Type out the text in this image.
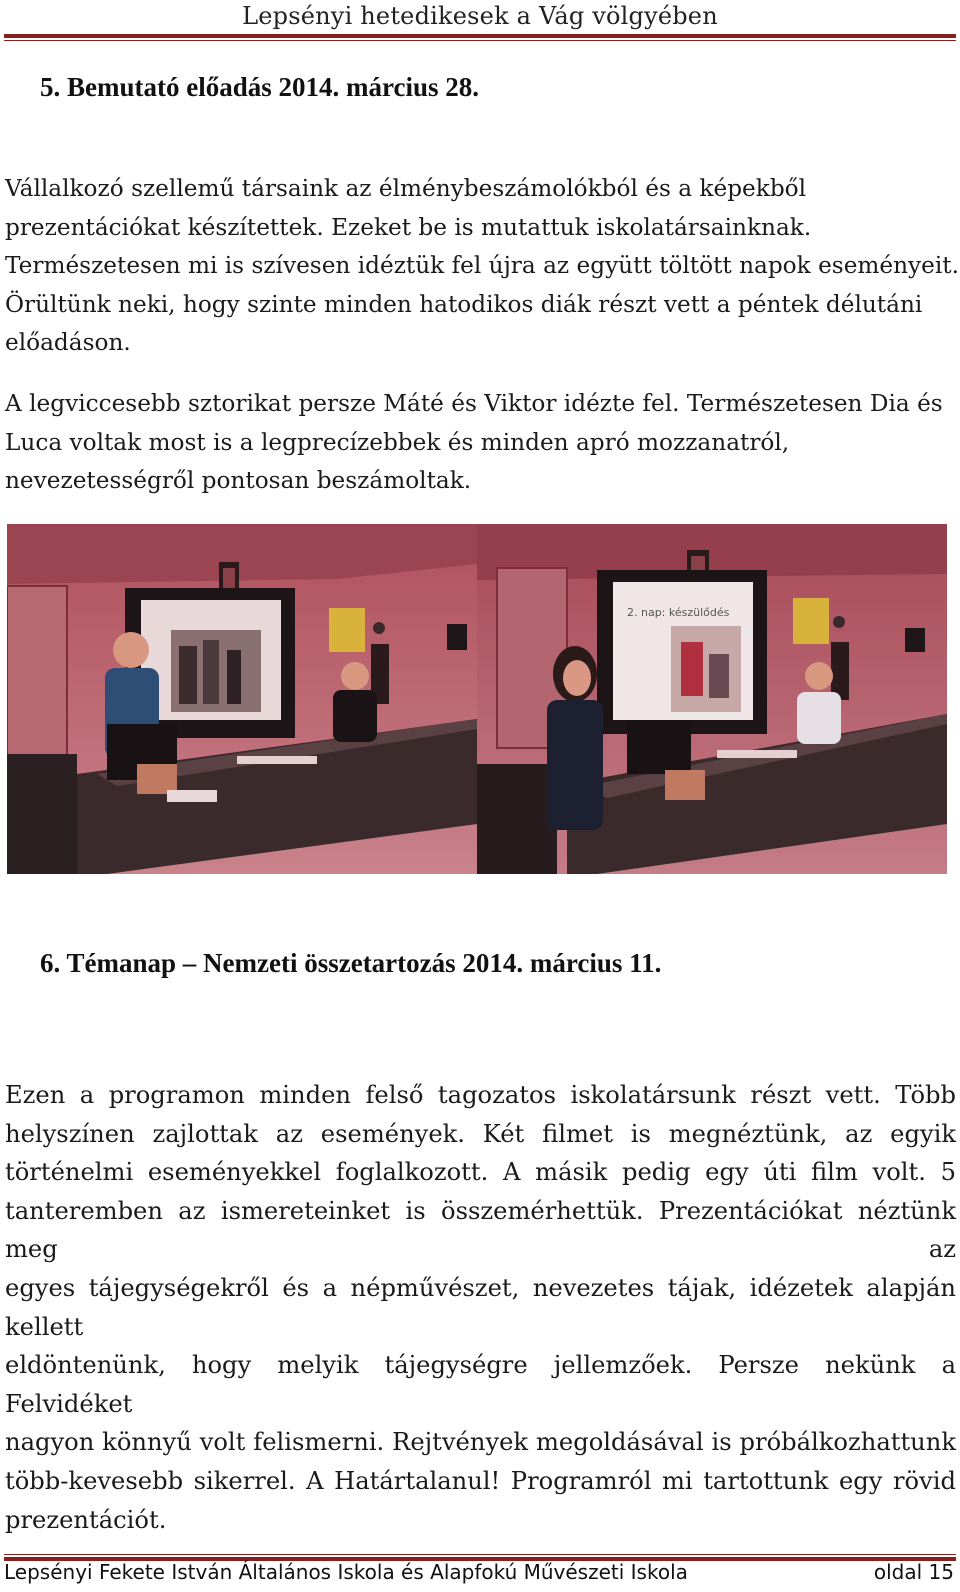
Lepsényi hetedikesek a Vág völgyében
5. Bemutató előadás 2014. március 28.

Vállalkozó szellemű társaink az élménybeszámolókból és a képekből
prezentációkat készítettek. Ezeket be is mutattuk iskolatársainknak.
Természetesen mi is szívesen idéztük fel újra az együtt töltött napok eseményeit.
Örültünk neki, hogy szinte minden hatodikos diák részt vett a péntek délutáni
előadáson.

A legviccesebb sztorikat persze Máté és Viktor idézte fel. Természetesen Dia és
Luca voltak most is a legprecízebbek és minden apró mozzanatról,
nevezetességről pontosan beszámoltak.

2. nap: készülődés
6. Témanap – Nemzeti összetartozás 2014. március 11.

Ezen a programon minden felső tagozatos iskolatársunk részt vett. Több
helyszínen zajlottak az események. Két filmet is megnéztünk, az egyik
történelmi eseményekkel foglalkozott. A másik pedig egy úti film volt. 5
tanteremben az ismereteinket is összemérhettük. Prezentációkat néztünk meg az
egyes tájegységekről és a népművészet, nevezetes tájak, idézetek alapján kellett
eldöntenünk, hogy melyik tájegységre jellemzőek. Persze nekünk a Felvidéket
nagyon könnyű volt felismerni. Rejtvények megoldásával is próbálkozhattunk
több-kevesebb sikerrel. A Határtalanul! Programról mi tartottunk egy rövid
prezentációt.

Lepsényi Fekete István Általános Iskola és Alapfokú Művészeti Iskola	oldal 15
